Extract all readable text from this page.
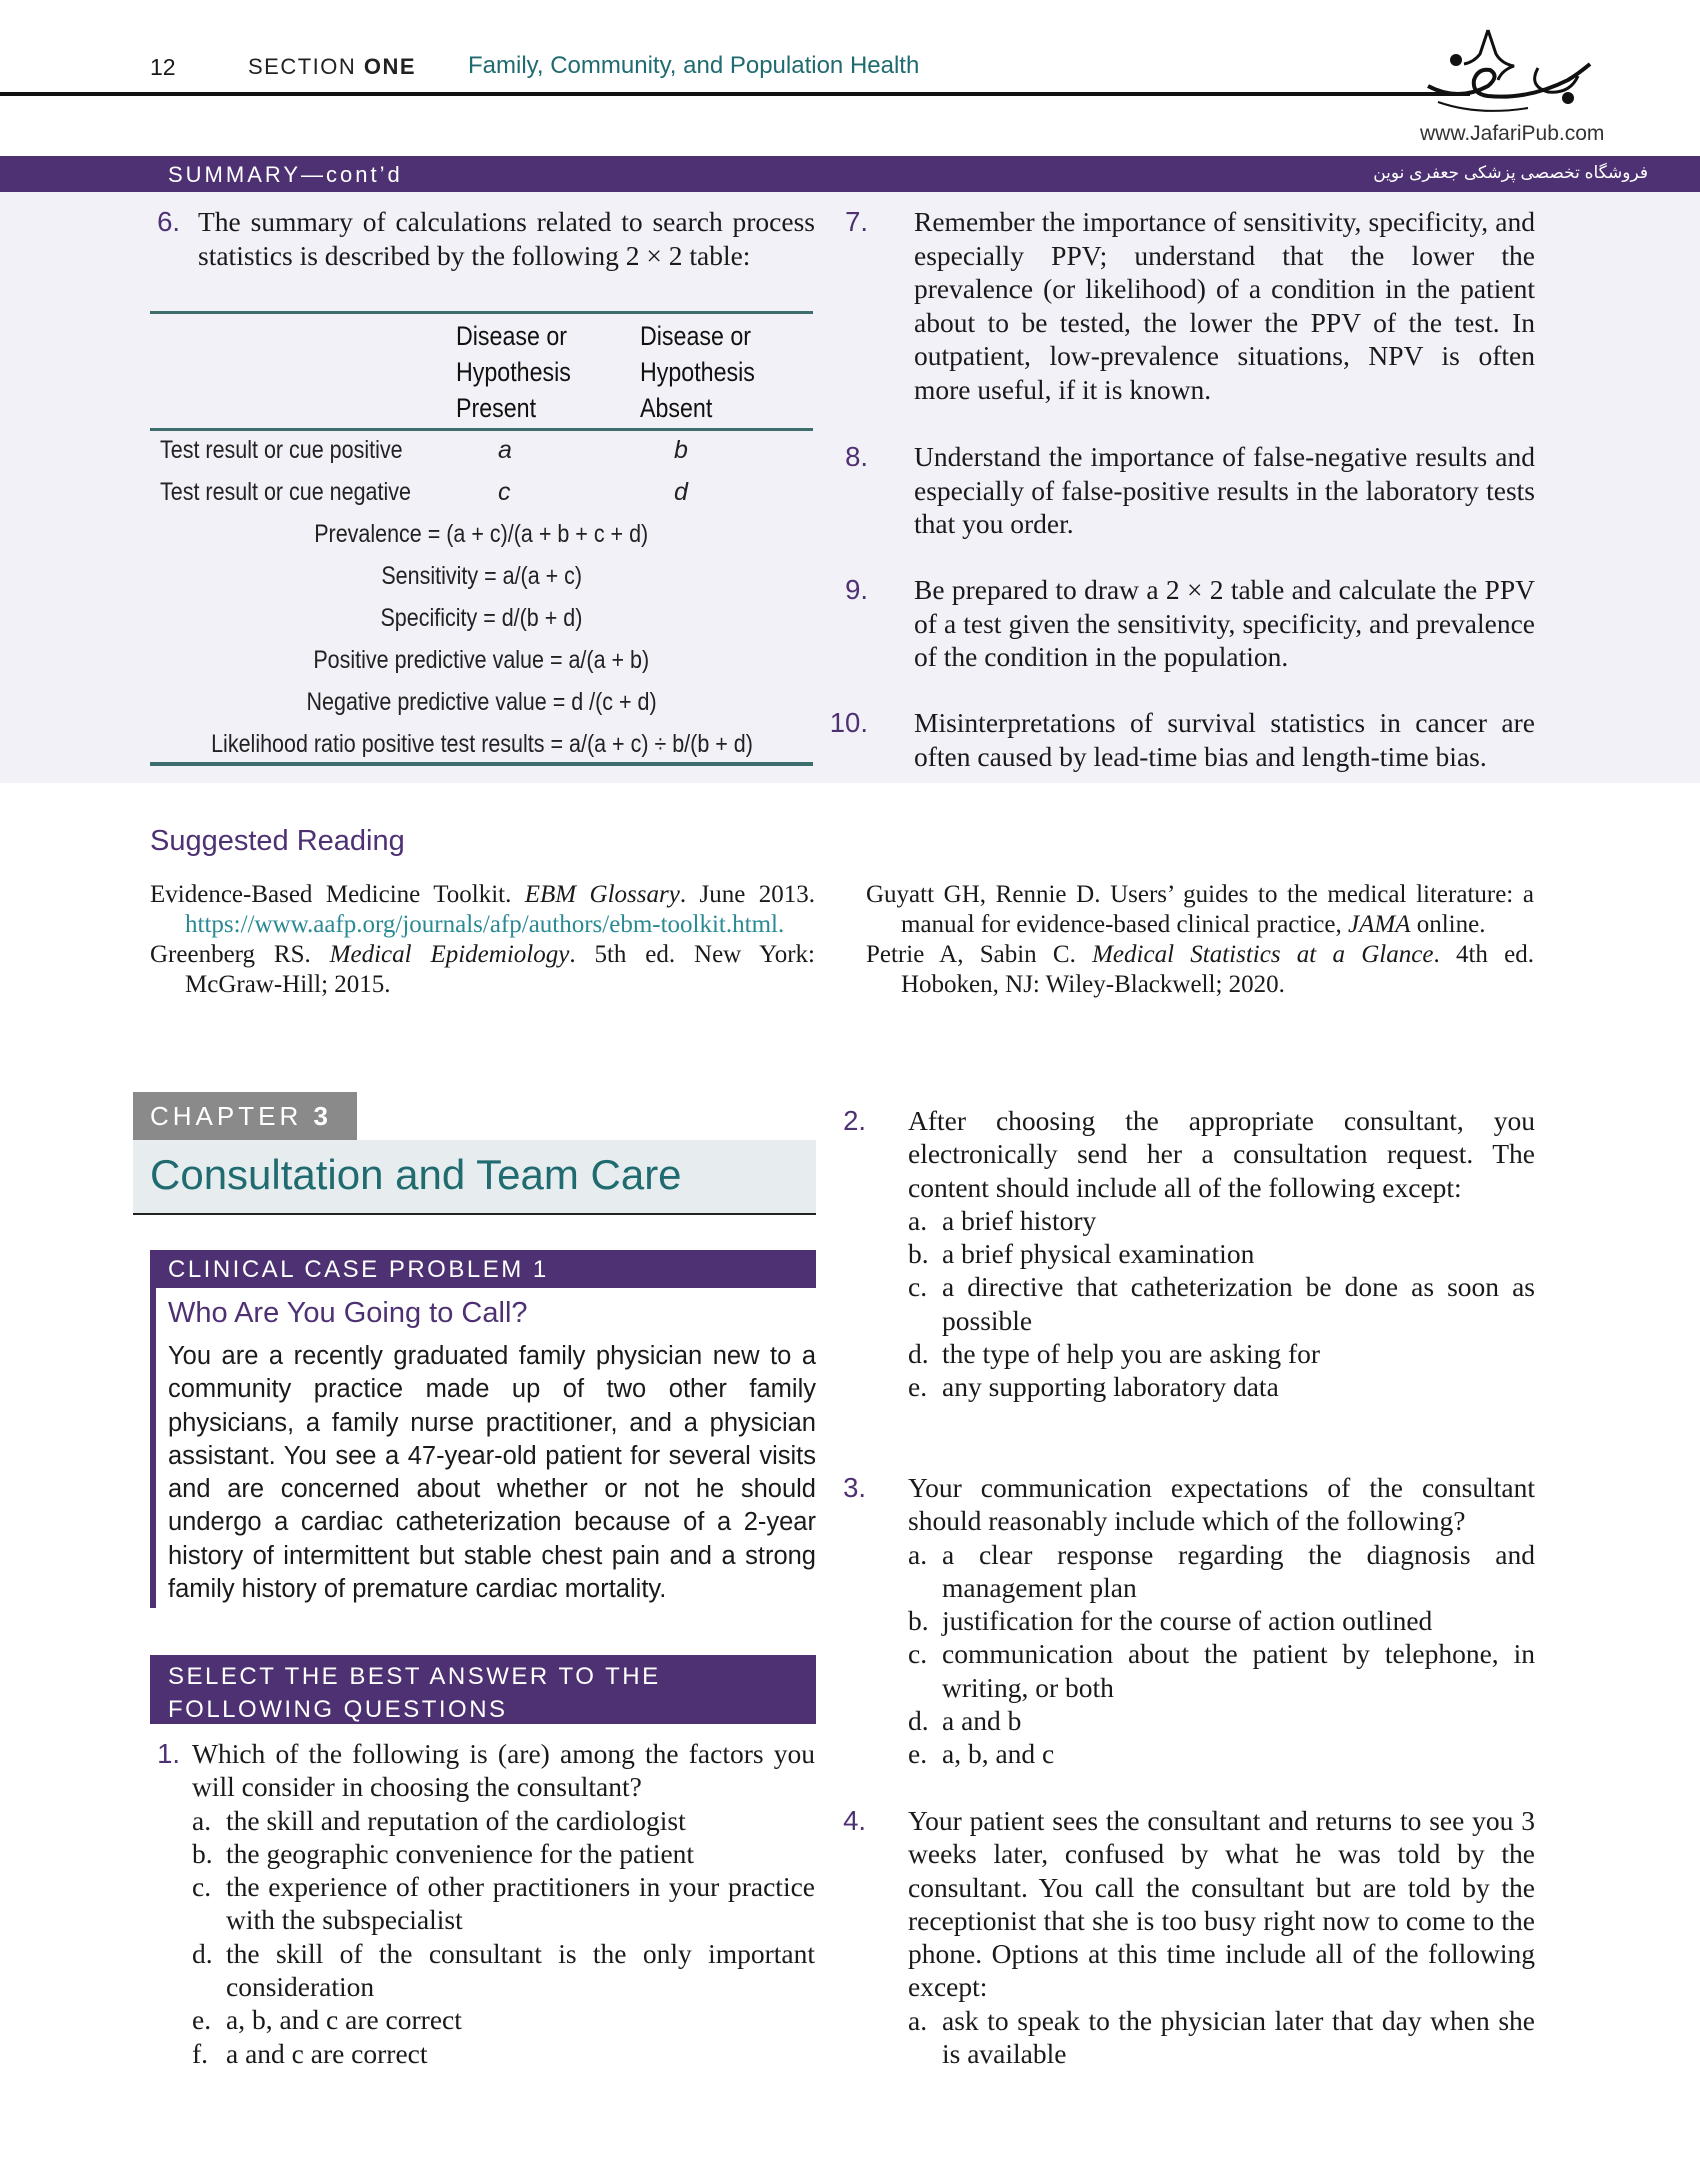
12	SECTION ONE Family, Community, and Population Health
www.JafariPub.com
SUMMARY—cont’d	فروشگاه تخصصی پزشکی جعفری نوین
6. The summary of calculations related to search process statistics is described by the following 2 × 2 table:
Disease or Hypothesis Present
Disease or Hypothesis Absent
Test result or cue positive	a	b
Test result or cue negative	c	d
Prevalence = (a + c)/(a + b + c + d)
Sensitivity = a/(a + c)
Specificity = d/(b + d)
Positive predictive value = a/(a + b)
Negative predictive value = d /(c + d)
Likelihood ratio positive test results = a/(a + c) ÷ b/(b + d)
7. Remember the importance of sensitivity, specificity, and especially PPV; understand that the lower the prevalence (or likelihood) of a condition in the patient about to be tested, the lower the PPV of the test. In outpatient, low-prevalence situations, NPV is often more useful, if it is known.
8. Understand the importance of false-negative results and especially of false-positive results in the laboratory tests that you order.
9. Be prepared to draw a 2 × 2 table and calculate the PPV of a test given the sensitivity, specificity, and prevalence of the condition in the population.
10. Misinterpretations of survival statistics in cancer are often caused by lead-time bias and length-time bias.
Suggested Reading
Evidence-Based Medicine Toolkit. EBM Glossary. June 2013. https://www.aafp.org/journals/afp/authors/ebm-toolkit.html.
Greenberg RS. Medical Epidemiology. 5th ed. New York: McGraw-Hill; 2015.
Guyatt GH, Rennie D. Users’ guides to the medical literature: a manual for evidence-based clinical practice, JAMA online.
Petrie A, Sabin C. Medical Statistics at a Glance. 4th ed. Hoboken, NJ: Wiley-Blackwell; 2020.
CHAPTER 3
Consultation and Team Care
CLINICAL CASE PROBLEM 1
Who Are You Going to Call?
You are a recently graduated family physician new to a community practice made up of two other family physicians, a family nurse practitioner, and a physician assistant. You see a 47-year-old patient for several visits and are concerned about whether or not he should undergo a cardiac catheterization because of a 2-year history of intermittent but stable chest pain and a strong family history of premature cardiac mortality.
SELECT THE BEST ANSWER TO THE FOLLOWING QUESTIONS
1. Which of the following is (are) among the factors you will consider in choosing the consultant?
a. the skill and reputation of the cardiologist
b. the geographic convenience for the patient
c. the experience of other practitioners in your practice with the subspecialist
d. the skill of the consultant is the only important consideration
e. a, b, and c are correct
f. a and c are correct
2. After choosing the appropriate consultant, you electronically send her a consultation request. The content should include all of the following except:
a. a brief history
b. a brief physical examination
c. a directive that catheterization be done as soon as possible
d. the type of help you are asking for
e. any supporting laboratory data
3. Your communication expectations of the consultant should reasonably include which of the following?
a. a clear response regarding the diagnosis and management plan
b. justification for the course of action outlined
c. communication about the patient by telephone, in writing, or both
d. a and b
e. a, b, and c
4. Your patient sees the consultant and returns to see you 3 weeks later, confused by what he was told by the consultant. You call the consultant but are told by the receptionist that she is too busy right now to come to the phone. Options at this time include all of the following except:
a. ask to speak to the physician later that day when she is available
